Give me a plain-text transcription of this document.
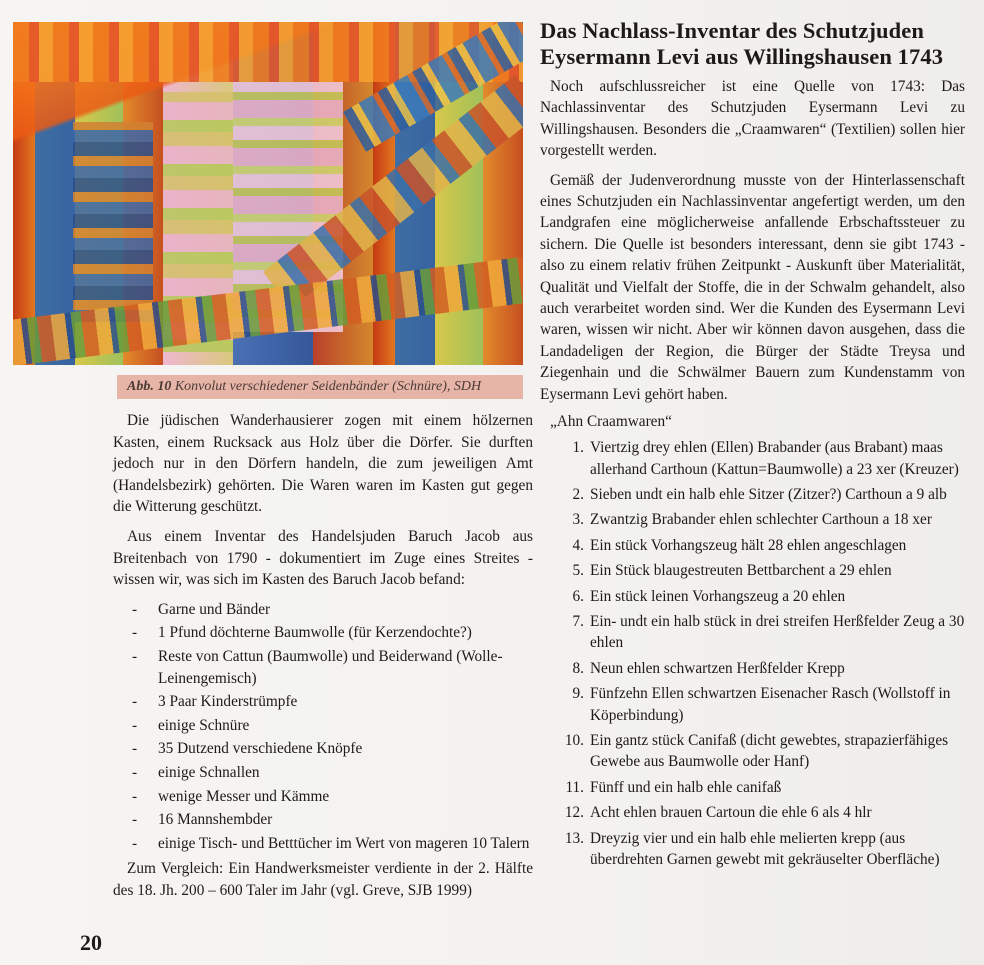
Abb. 10 Konvolut verschiedener Seidenbänder (Schnüre), SDH

Die jüdischen Wanderhausierer zogen mit einem hölzernen Kasten, einem Rucksack aus Holz über die Dörfer. Sie durften jedoch nur in den Dörfern handeln, die zum jeweiligen Amt (Handelsbezirk) gehörten. Die Waren waren im Kasten gut gegen die Witterung geschützt.

Aus einem Inventar des Handelsjuden Baruch Jacob aus Breitenbach von 1790 - dokumentiert im Zuge eines Streites - wissen wir, was sich im Kasten des Baruch Jacob befand:

- Garne und Bänder
- 1 Pfund döchterne Baumwolle (für Kerzendochte?)
- Reste von Cattun (Baumwolle) und Beiderwand (Wolle-Leinengemisch)
- 3 Paar Kinderstrümpfe
- einige Schnüre
- 35 Dutzend verschiedene Knöpfe
- einige Schnallen
- wenige Messer und Kämme
- 16 Mannshembder
- einige Tisch- und Betttücher im Wert von mageren 10 Talern

Zum Vergleich: Ein Handwerksmeister verdiente in der 2. Hälfte des 18. Jh. 200 – 600 Taler im Jahr (vgl. Greve, SJB 1999)

Das Nachlass-Inventar des Schutzjuden Eysermann Levi aus Willingshausen 1743

Noch aufschlussreicher ist eine Quelle von 1743: Das Nachlassinventar des Schutzjuden Eysermann Levi zu Willingshausen. Besonders die „Craamwaren“ (Textilien) sollen hier vorgestellt werden.

Gemäß der Judenverordnung musste von der Hinterlassenschaft eines Schutzjuden ein Nachlassinventar angefertigt werden, um den Landgrafen eine möglicherweise anfallende Erbschaftssteuer zu sichern. Die Quelle ist besonders interessant, denn sie gibt 1743 - also zu einem relativ frühen Zeitpunkt - Auskunft über Materialität, Qualität und Vielfalt der Stoffe, die in der Schwalm gehandelt, also auch verarbeitet worden sind. Wer die Kunden des Eysermann Levi waren, wissen wir nicht. Aber wir können davon ausgehen, dass die Landadeligen der Region, die Bürger der Städte Treysa und Ziegenhain und die Schwälmer Bauern zum Kundenstamm von Eysermann Levi gehört haben.

„Ahn Craamwaren“
1. Viertzig drey ehlen (Ellen) Brabander (aus Brabant) maas allerhand Carthoun (Kattun=Baumwolle) a 23 xer (Kreuzer)
2. Sieben undt ein halb ehle Sitzer (Zitzer?) Carthoun a 9 alb
3. Zwantzig Brabander ehlen schlechter Carthoun a 18 xer
4. Ein stück Vorhangszeug hält 28 ehlen angeschlagen
5. Ein Stück blaugestreuten Bettbarchent a 29 ehlen
6. Ein stück leinen Vorhangszeug a 20 ehlen
7. Ein- undt ein halb stück in drei streifen Herßfelder Zeug a 30 ehlen
8. Neun ehlen schwartzen Herßfelder Krepp
9. Fünfzehn Ellen schwartzen Eisenacher Rasch (Wollstoff in Köperbindung)
10. Ein gantz stück Canifaß (dicht gewebtes, strapazierfähiges Gewebe aus Baumwolle oder Hanf)
11. Fünff und ein halb ehle canifaß
12. Acht ehlen brauen Cartoun die ehle 6 als 4 hlr
13. Dreyzig vier und ein halb ehle melierten krepp (aus überdrehten Garnen gewebt mit gekräuselter Oberfläche)
20
